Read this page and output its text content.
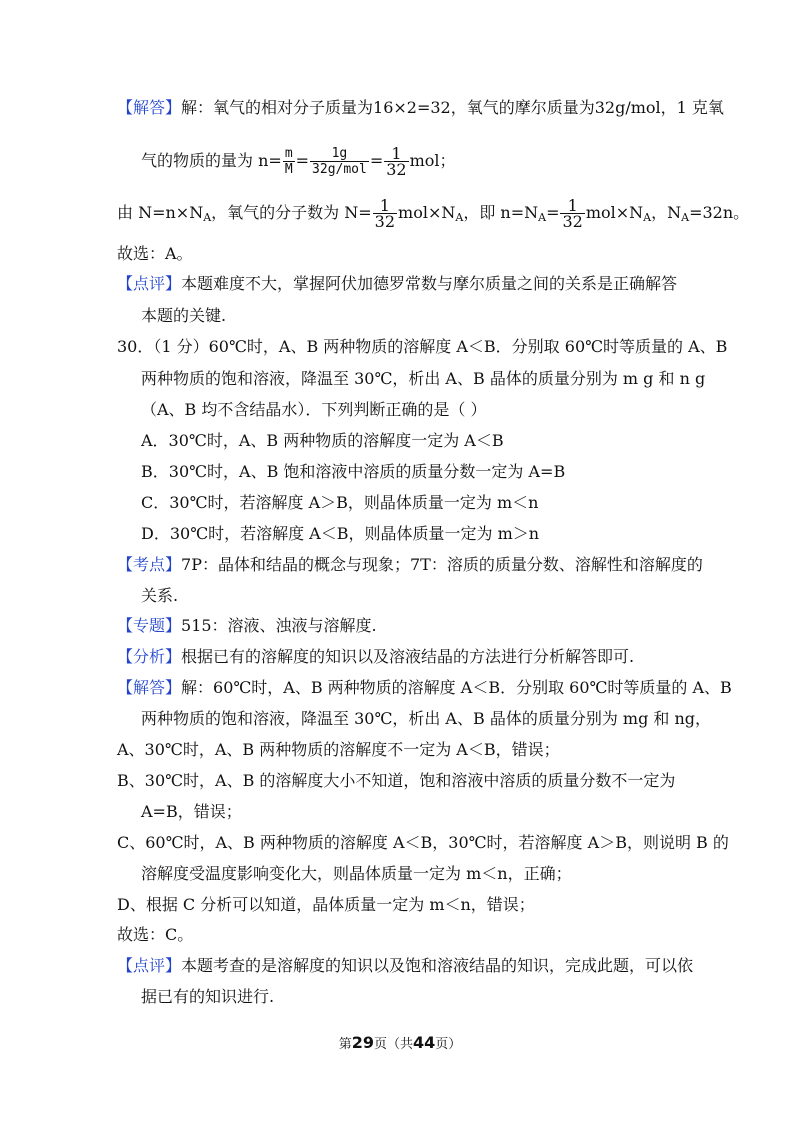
【解答】解：氧气的相对分子质量为16×2=32，氧气的摩尔质量为32g/mol，1 克氧
气的物质的量为 $n= \frac{m}{M} = \frac{1g}{\text{32g/mol}} = \frac{1}{32}$ mol；
由 $N=n\times N_A$，氧气的分子数为 $N= \frac{1}{32} mol\times N_A$，即 $n=N_A= \frac{1}{32} mol\times N_A$，$N_A=32n$。
故选：A。
【点评】本题难度不大，掌握阿伏加德罗常数与摩尔质量之间的关系是正确解答
本题的关键.
30．（1 分）60℃时，A、B 两种物质的溶解度 A＜B．分别取 60℃时等质量的 A、B
两种物质的饱和溶液，降温至 30℃，析出 A、B 晶体的质量分别为 m g 和 n g
（A、B 均不含结晶水）．下列判断正确的是（ ）
A．30℃时，A、B 两种物质的溶解度一定为 A＜B
B．30℃时，A、B 饱和溶液中溶质的质量分数一定为 A=B
C．30℃时，若溶解度 A＞B，则晶体质量一定为 m＜n
D．30℃时，若溶解度 A＜B，则晶体质量一定为 m＞n
【考点】7P：晶体和结晶的概念与现象；7T：溶质的质量分数、溶解性和溶解度的
关系.
【专题】515：溶液、浊液与溶解度.
【分析】根据已有的溶解度的知识以及溶液结晶的方法进行分析解答即可.
【解答】解：60℃时，A、B 两种物质的溶解度 A＜B．分别取 60℃时等质量的 A、B
两种物质的饱和溶液，降温至 30℃，析出 A、B 晶体的质量分别为 mg 和 ng，
A、30℃时，A、B 两种物质的溶解度不一定为 A＜B，错误；
B、30℃时，A、B 的溶解度大小不知道，饱和溶液中溶质的质量分数不一定为
A=B，错误；
C、60℃时，A、B 两种物质的溶解度 A＜B，30℃时，若溶解度 A＞B，则说明 B 的
溶解度受温度影响变化大，则晶体质量一定为 m＜n，正确；
D、根据 C 分析可以知道，晶体质量一定为 m＜n，错误；
故选：C。
【点评】本题考查的是溶解度的知识以及饱和溶液结晶的知识，完成此题，可以依
据已有的知识进行.
第29页（共44页）
